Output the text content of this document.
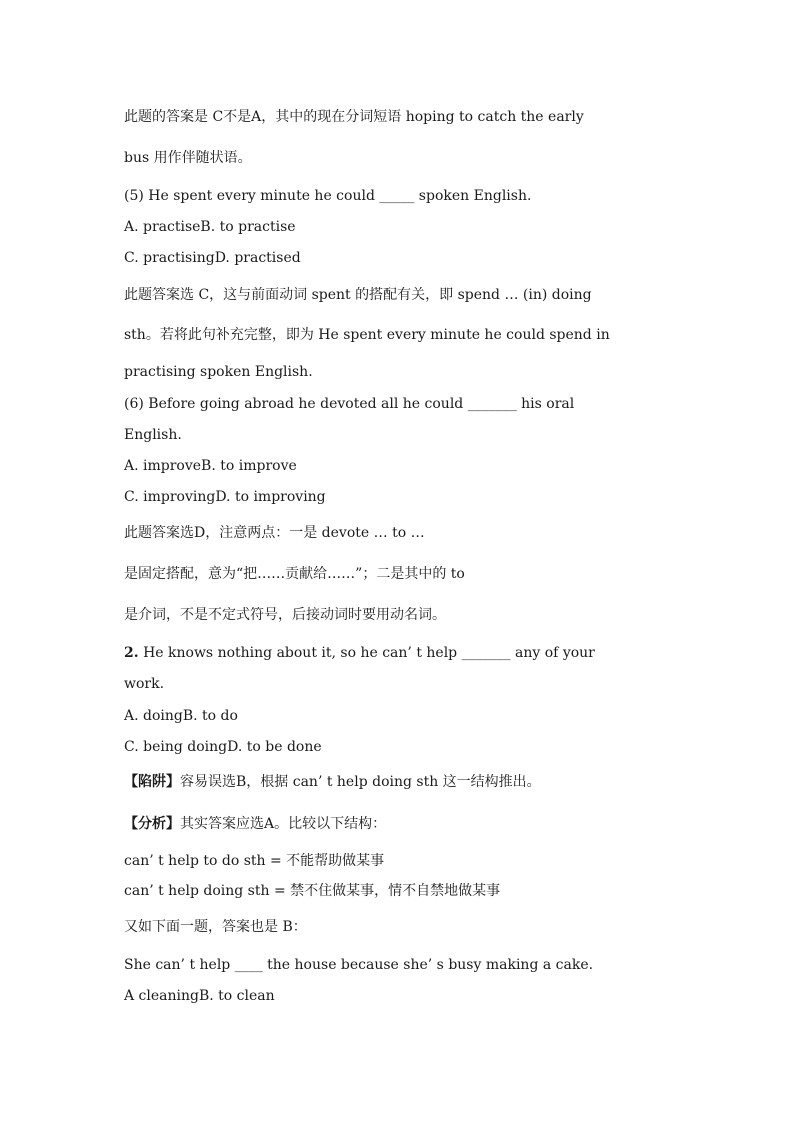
此题的答案是 C不是A，其中的现在分词短语 hoping to catch the early
bus 用作伴随状语。
(5) He spent every minute he could _____ spoken English.
A. practiseB. to practise
C. practisingD. practised
此题答案选 C，这与前面动词 spent 的搭配有关，即 spend … (in) doing
sth。若将此句补充完整，即为 He spent every minute he could spend in
practising spoken English.
(6) Before going abroad he devoted all he could _______ his oral
English.
A. improveB. to improve
C. improvingD. to improving
此题答案选D，注意两点：一是 devote … to …
是固定搭配，意为“把……贡献给……”；二是其中的 to
是介词，不是不定式符号，后接动词时要用动名词。
2. He knows nothing about it, so he can’ t help _______ any of your
work.
A. doingB. to do
C. being doingD. to be done
【陷阱】容易误选B，根据 can’ t help doing sth 这一结构推出。
【分析】其实答案应选A。比较以下结构：
can’ t help to do sth = 不能帮助做某事
can’ t help doing sth = 禁不住做某事，情不自禁地做某事
又如下面一题，答案也是 B：
She can’ t help ____ the house because she’ s busy making a cake.
A cleaningB. to clean
